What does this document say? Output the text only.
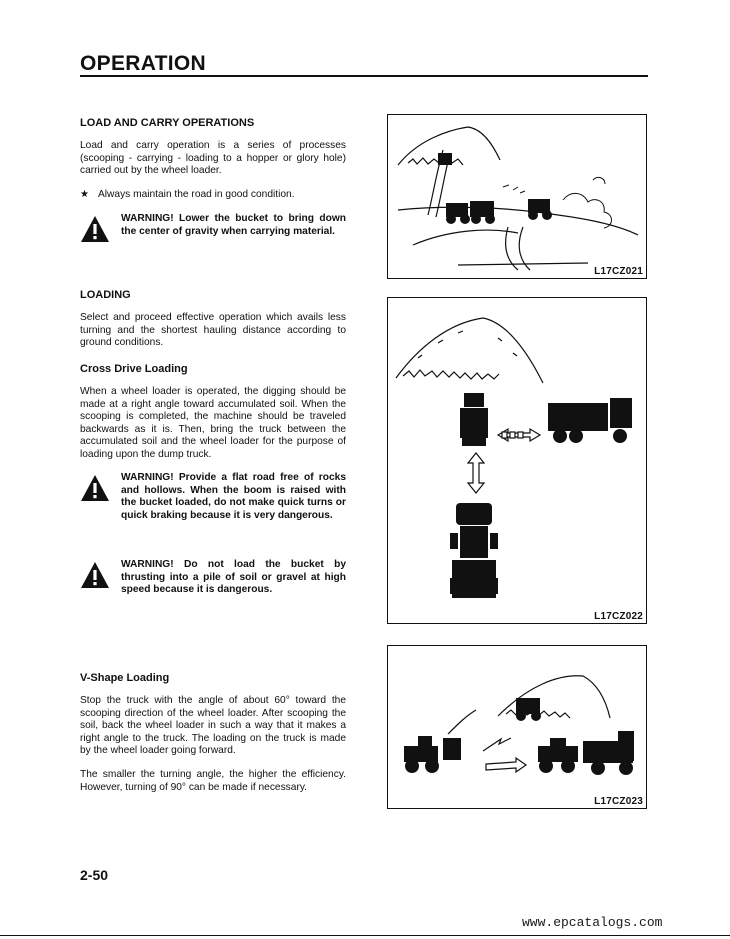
OPERATION
LOAD AND CARRY OPERATIONS
Load and carry operation is a series of processes (scooping - carrying - loading to a hopper or glory hole) carried out by the wheel loader.
★ Always maintain the road in good condition.
WARNING! Lower the bucket to bring down the center of gravity when carrying material.
LOADING
Select and proceed effective operation which avails less turning and the shortest hauling distance according to ground conditions.
Cross Drive Loading
When a wheel loader is operated, the digging should be made at a right angle toward accumulated soil. When the scooping is completed, the machine should be traveled backwards as it is. Then, bring the truck between the accumulated soil and the wheel loader for the purpose of loading upon the dump truck.
WARNING! Provide a flat road free of rocks and hollows. When the boom is raised with the bucket loaded, do not make quick turns or quick braking because it is very dangerous.
WARNING! Do not load the bucket by thrusting into a pile of soil or gravel at high speed because it is dangerous.
V-Shape Loading
Stop the truck with the angle of about 60° toward the scooping direction of the wheel loader. After scooping the soil, back the wheel loader in such a way that it makes a right angle to the truck. The loading on the truck is made by the wheel loader going forward.
The smaller the turning angle, the higher the efficiency. However, turning of 90° can be made if necessary.
L17CZ021
L17CZ022
L17CZ023
2-50
www.epcatalogs.com
